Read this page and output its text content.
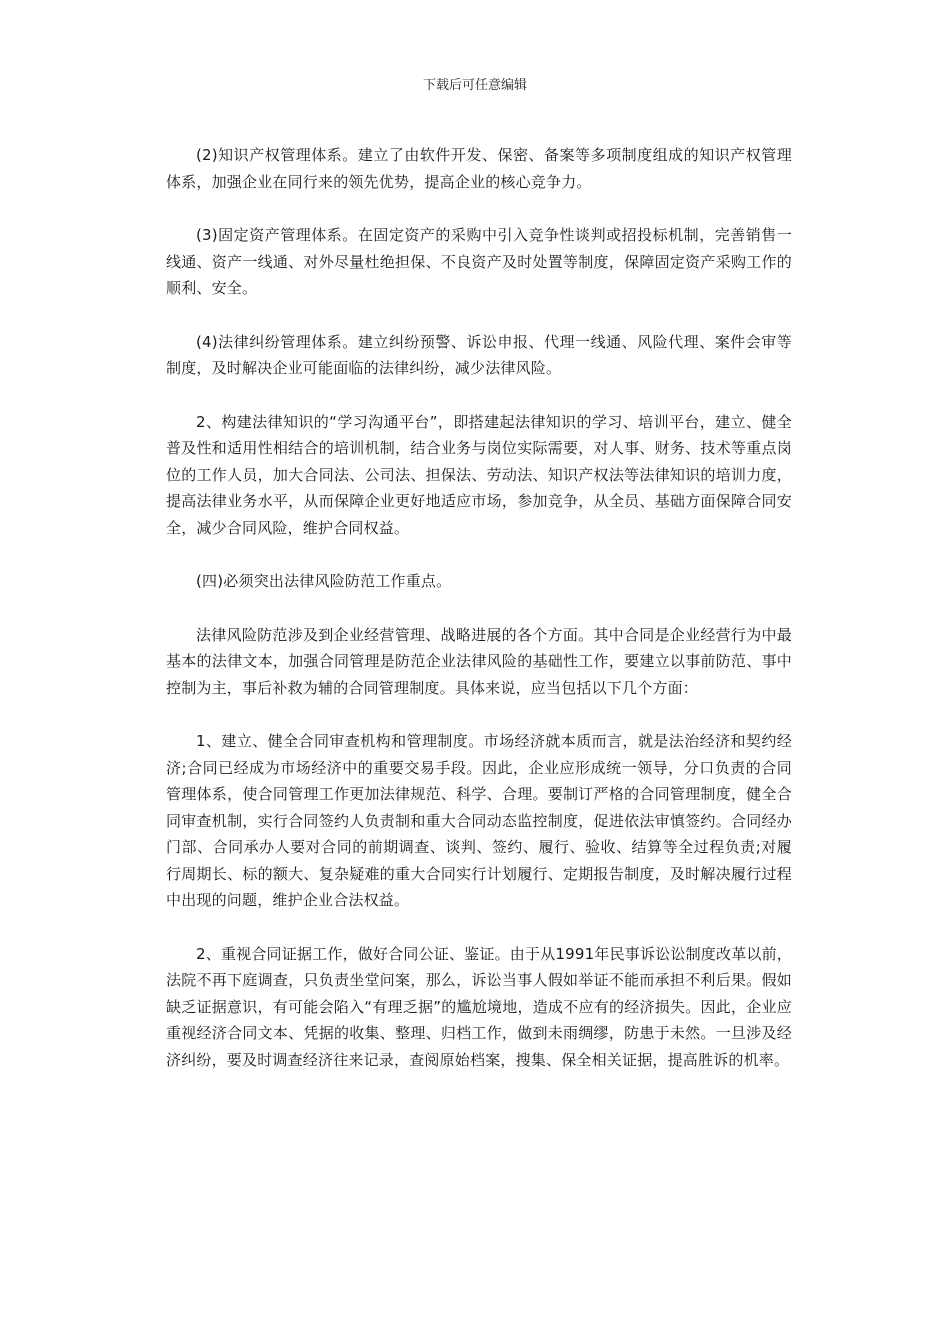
下载后可任意编辑

(2)知识产权管理体系。建立了由软件开发、保密、备案等多项制度组成的知识产权管理体系，加强企业在同行来的领先优势，提高企业的核心竞争力。

(3)固定资产管理体系。在固定资产的采购中引入竞争性谈判或招投标机制，完善销售一线通、资产一线通、对外尽量杜绝担保、不良资产及时处置等制度，保障固定资产采购工作的顺利、安全。

(4)法律纠纷管理体系。建立纠纷预警、诉讼申报、代理一线通、风险代理、案件会审等制度，及时解决企业可能面临的法律纠纷，减少法律风险。

2、构建法律知识的“学习沟通平台”，即搭建起法律知识的学习、培训平台，建立、健全普及性和适用性相结合的培训机制，结合业务与岗位实际需要，对人事、财务、技术等重点岗位的工作人员，加大合同法、公司法、担保法、劳动法、知识产权法等法律知识的培训力度，提高法律业务水平，从而保障企业更好地适应市场，参加竞争，从全员、基础方面保障合同安全，减少合同风险，维护合同权益。

(四)必须突出法律风险防范工作重点。

法律风险防范涉及到企业经营管理、战略进展的各个方面。其中合同是企业经营行为中最基本的法律文本，加强合同管理是防范企业法律风险的基础性工作，要建立以事前防范、事中控制为主，事后补救为辅的合同管理制度。具体来说，应当包括以下几个方面：

1、建立、健全合同审查机构和管理制度。市场经济就本质而言，就是法治经济和契约经济;合同已经成为市场经济中的重要交易手段。因此，企业应形成统一领导，分口负责的合同管理体系，使合同管理工作更加法律规范、科学、合理。要制订严格的合同管理制度，健全合同审查机制，实行合同签约人负责制和重大合同动态监控制度，促进依法审慎签约。合同经办门部、合同承办人要对合同的前期调查、谈判、签约、履行、验收、结算等全过程负责;对履行周期长、标的额大、复杂疑难的重大合同实行计划履行、定期报告制度，及时解决履行过程中出现的问题，维护企业合法权益。

2、重视合同证据工作，做好合同公证、鉴证。由于从1991年民事诉讼讼制度改革以前，法院不再下庭调查，只负责坐堂问案，那么，诉讼当事人假如举证不能而承担不利后果。假如缺乏证据意识，有可能会陷入“有理乏据”的尴尬境地，造成不应有的经济损失。因此，企业应重视经济合同文本、凭据的收集、整理、归档工作，做到未雨绸缪，防患于未然。一旦涉及经济纠纷，要及时调查经济往来记录，查阅原始档案，搜集、保全相关证据，提高胜诉的机率。
